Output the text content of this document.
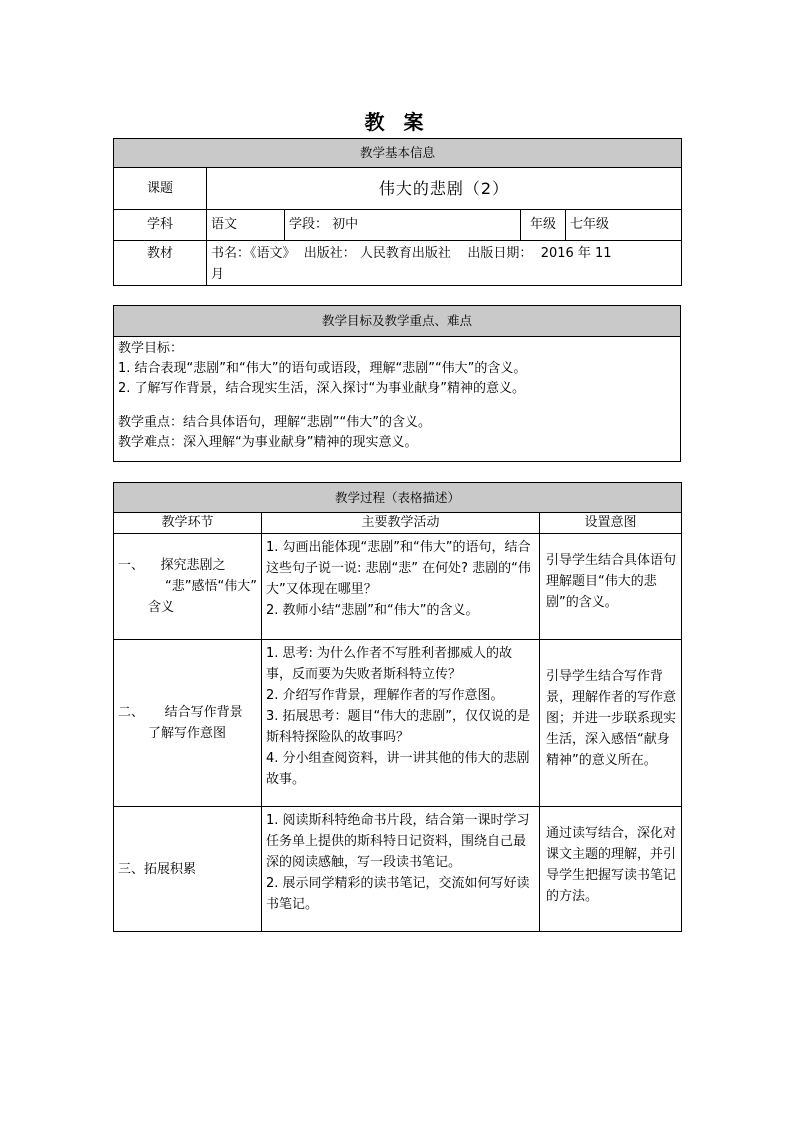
教 案
教学基本信息				
课题	伟大的悲剧（2）			
学科	语文	学段： 初中	年级	七年级
教材	书名：《语文》  出版社： 人民教育出版社    出版日期：  2016 年 11
月			
教学目标及教学重点、难点

教学目标：
1. 结合表现“悲剧”和“伟大”的语句或语段，理解“悲剧”“伟大”的含义。
2. 了解写作背景，结合现实生活，深入探讨“为事业献身”精神的意义。
教学重点：结合具体语句，理解“悲剧”“伟大”的含义。
教学难点：深入理解“为事业献身”精神的现实意义。
教学过程（表格描述）		
教学环节	主要教学活动	设置意图

一、    探究悲剧之
“悲”感悟“伟大”
含义	1. 勾画出能体现“悲剧”和“伟大”的语句，结合这些句子说一说: 悲剧“悲” 在何处? 悲剧的“伟大”又体现在哪里？
2. 教师小结“悲剧”和“伟大”的含义。	引导学生结合具体语句理解题目“伟大的悲剧”的含义。

二、     结合写作背景
了解写作意图	1. 思考: 为什么作者不写胜利者挪威人的故事，反而要为失败者斯科特立传？
2. 介绍写作背景，理解作者的写作意图。
3. 拓展思考：题目“伟大的悲剧”，仅仅说的是斯科特探险队的故事吗？
4. 分小组查阅资料，讲一讲其他的伟大的悲剧故事。	引导学生结合写作背景，理解作者的写作意图；并进一步联系现实生活，深入感悟“献身精神”的意义所在。

三、拓展积累	1. 阅读斯科特绝命书片段，结合第一课时学习任务单上提供的斯科特日记资料，围绕自己最深的阅读感触，写一段读书笔记。
2. 展示同学精彩的读书笔记，交流如何写好读书笔记。	通过读写结合，深化对课文主题的理解，并引导学生把握写读书笔记的方法。
